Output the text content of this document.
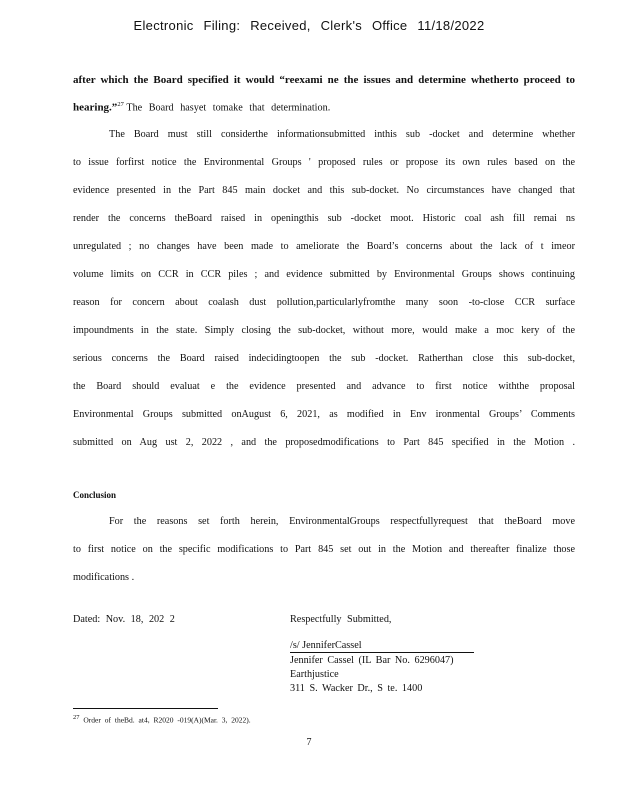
Electronic Filing: Received, Clerk's Office 11/18/2022
after which the Board specified it would “reexami ne the issues and determine whetherto proceed to
hearing.”$^{27}$ The Board hasyet tomake that determination.
The Board must still considerthe informationsubmitted inthis sub -docket and determine whether
to issue forfirst notice the Environmental Groups ' proposed rules or propose its own rules based on the
evidence presented in the Part 845 main docket and this sub-docket. No circumstances have changed that
render the concerns theBoard raised in openingthis sub -docket moot. Historic coal ash fill remai ns
unregulated ; no changes have been made to ameliorate the Board’s concerns about the lack of t imeor
volume limits on CCR in CCR piles ; and evidence submitted by Environmental Groups shows continuing
reason for concern about coalash dust pollution,particularlyfromthe many soon -to-close CCR surface
impoundments in the state. Simply closing the sub-docket, without more, would make a moc kery of the
serious concerns the Board raised indecidingtoopen the sub -docket. Ratherthan close this sub-docket,
the Board should evaluat e the evidence presented and advance to first notice withthe proposal
Environmental Groups submitted onAugust 6, 2021, as modified in Env ironmental Groups’ Comments
submitted on Aug ust 2, 2022 , and the proposedmodifications to Part 845 specified in the Motion .
Conclusion
For the reasons set forth herein, EnvironmentalGroups respectfullyrequest that theBoard move
to first notice on the specific modifications to Part 845 set out in the Motion and thereafter finalize those
modifications .
Dated: Nov. 18, 202 2	Respectfully Submitted,
/s/ JenniferCassel
Jennifer Cassel (IL Bar No. 6296047)
Earthjustice
311 S. Wacker Dr., S te. 1400
$^{27}$ Order of theBd. at4, R2020 -019(A)(Mar. 3, 2022).
7
